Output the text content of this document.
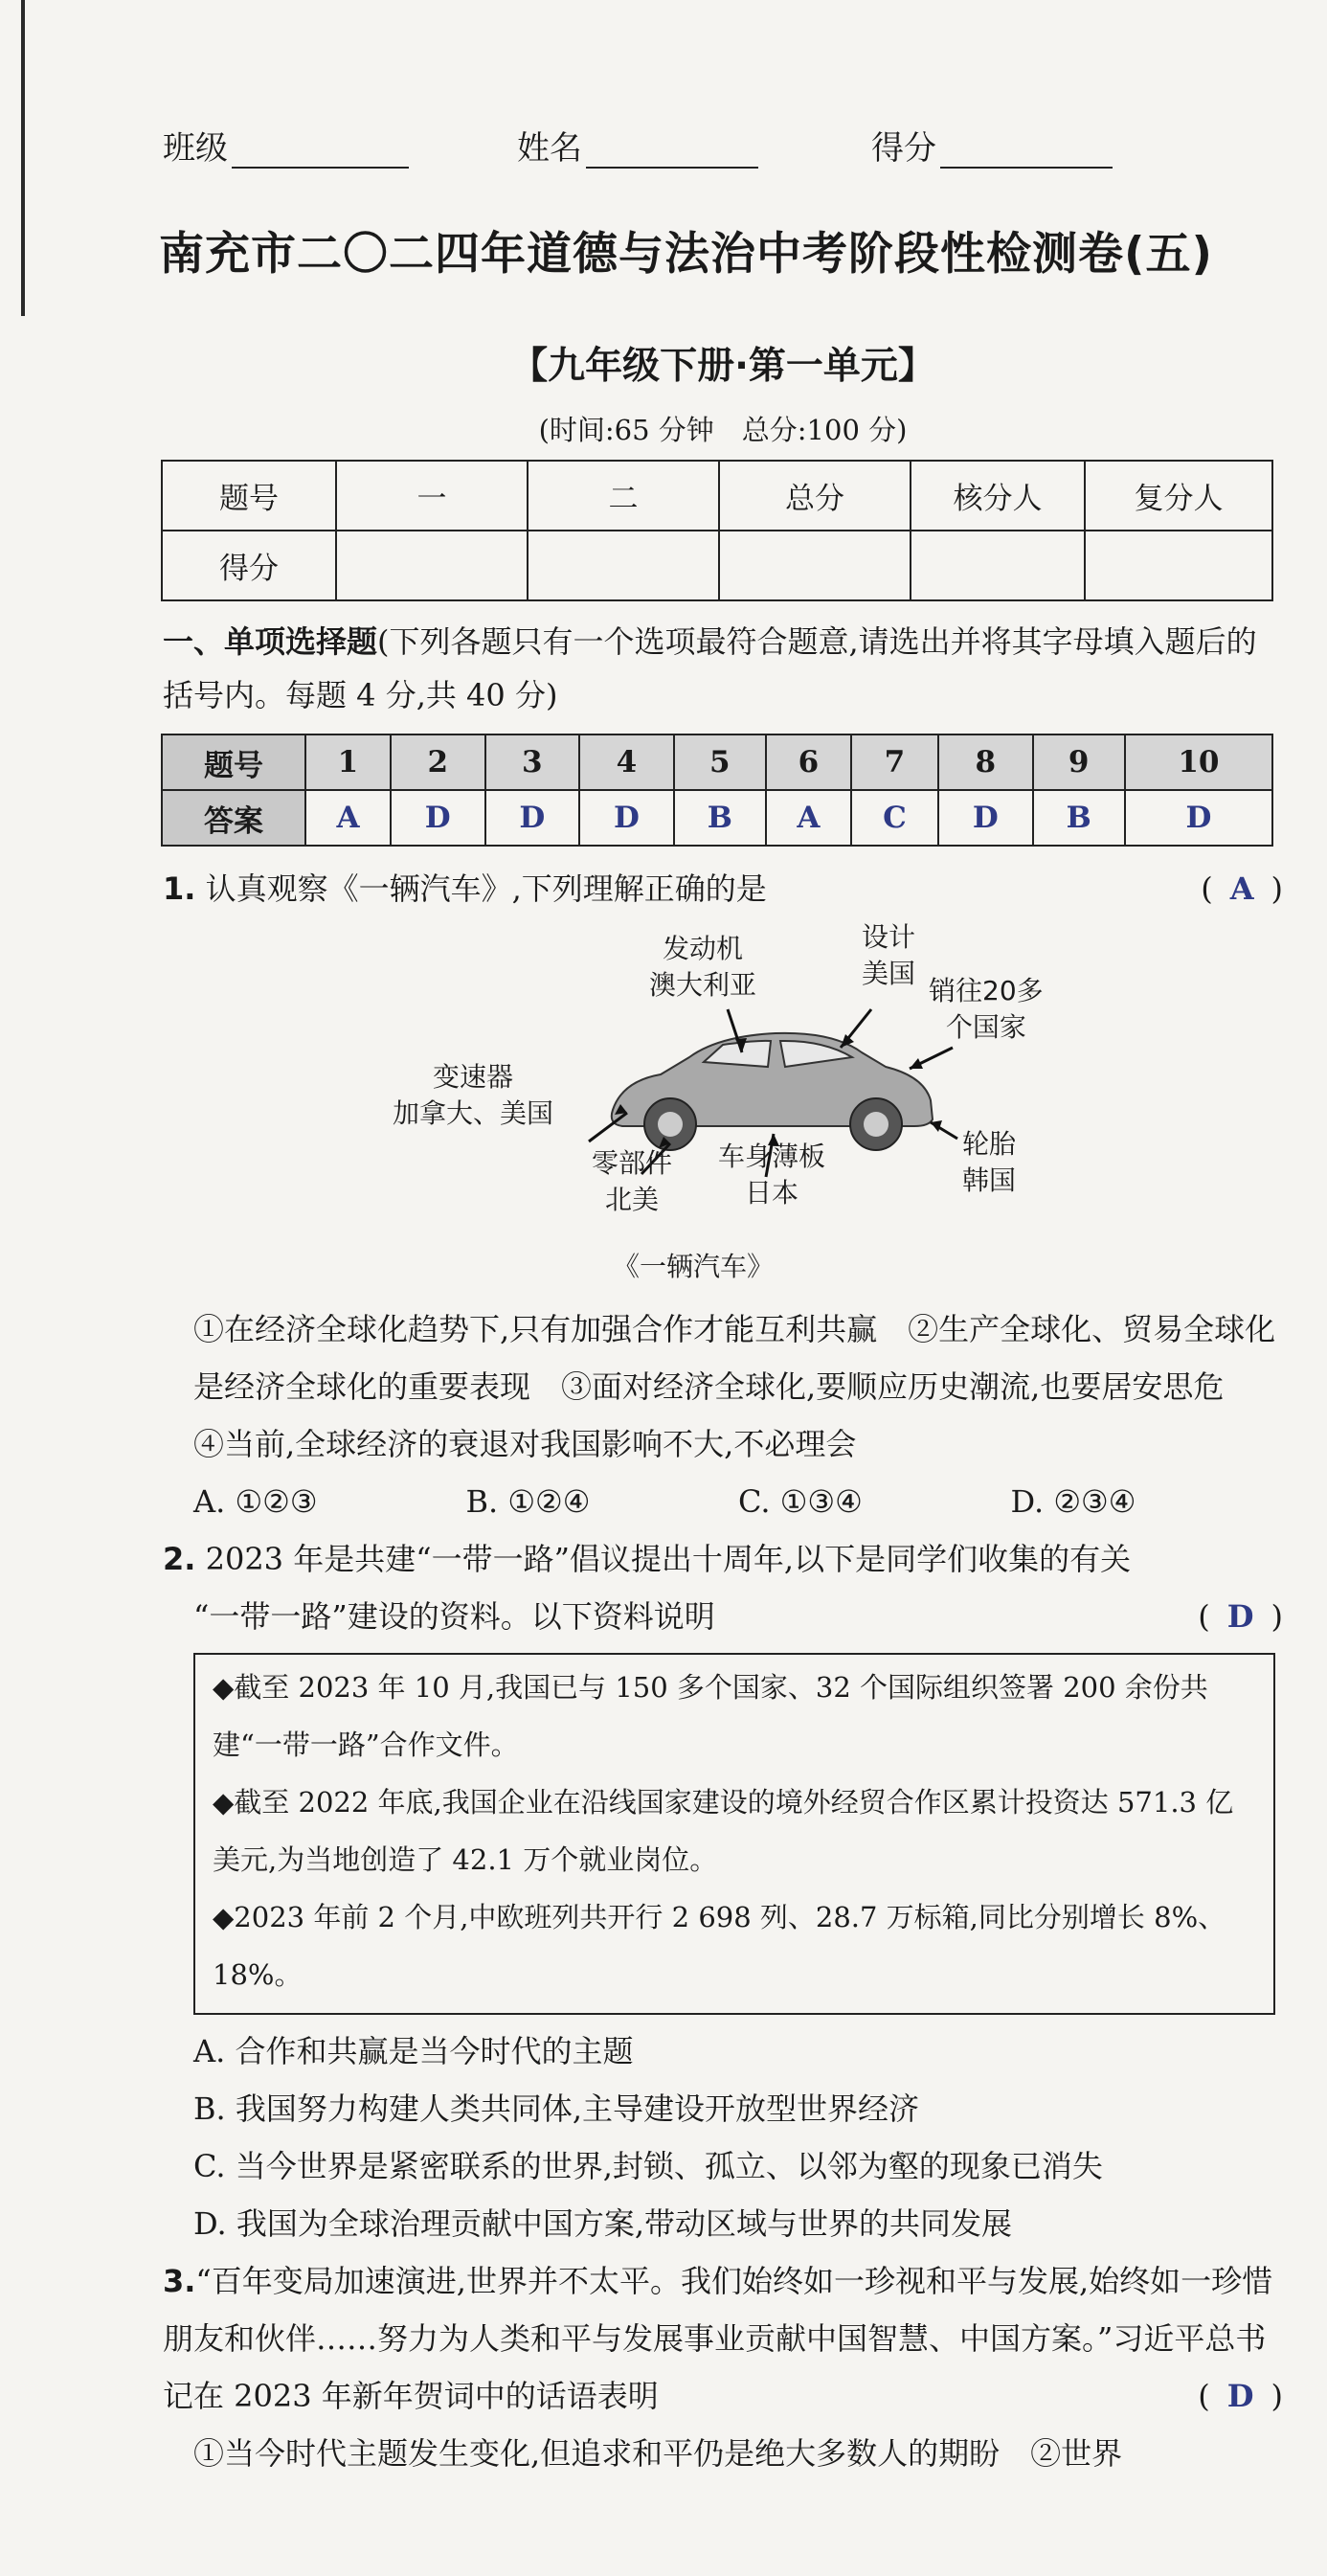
班级	姓名	得分
南充市二〇二四年道德与法治中考阶段性检测卷(五)
【九年级下册·第一单元】
(时间:65 分钟　总分:100 分)
题号	一	二	总分	核分人	复分人
得分					
一、单项选择题(下列各题只有一个选项最符合题意,请选出并将其字母填入题后的括号内。每题 4 分,共 40 分)
题号	1	2	3	4	5	6	7	8	9	10
答案	A	D	D	D	B	A	C	D	B	D
1. 认真观察《一辆汽车》,下列理解正确的是	( A )
发动机
澳大利亚
设计
美国
销往20多
个国家
变速器
加拿大、美国
零部件
北美
车身薄板
日本
轮胎
韩国
《一辆汽车》
①在经济全球化趋势下,只有加强合作才能互利共赢　②生产全球化、贸易全球化是经济全球化的重要表现　③面对经济全球化,要顺应历史潮流,也要居安思危　④当前,全球经济的衰退对我国影响不大,不必理会
A. ①②③	B. ①②④	C. ①③④	D. ②③④
2. 2023 年是共建“一带一路”倡议提出十周年,以下是同学们收集的有关
“一带一路”建设的资料。以下资料说明	( D )
◆截至 2023 年 10 月,我国已与 150 多个国家、32 个国际组织签署 200 余份共建“一带一路”合作文件。
◆截至 2022 年底,我国企业在沿线国家建设的境外经贸合作区累计投资达 571.3 亿美元,为当地创造了 42.1 万个就业岗位。
◆2023 年前 2 个月,中欧班列共开行 2 698 列、28.7 万标箱,同比分别增长 8%、18%。
A. 合作和共赢是当今时代的主题
B. 我国努力构建人类共同体,主导建设开放型世界经济
C. 当今世界是紧密联系的世界,封锁、孤立、以邻为壑的现象已消失
D. 我国为全球治理贡献中国方案,带动区域与世界的共同发展
3.“百年变局加速演进,世界并不太平。我们始终如一珍视和平与发展,始终如一珍惜朋友和伙伴……努力为人类和平与发展事业贡献中国智慧、中国方案。”习近平总书记在 2023 年新年贺词中的话语表明	( D )
①当今时代主题发生变化,但追求和平仍是绝大多数人的期盼　②世界
